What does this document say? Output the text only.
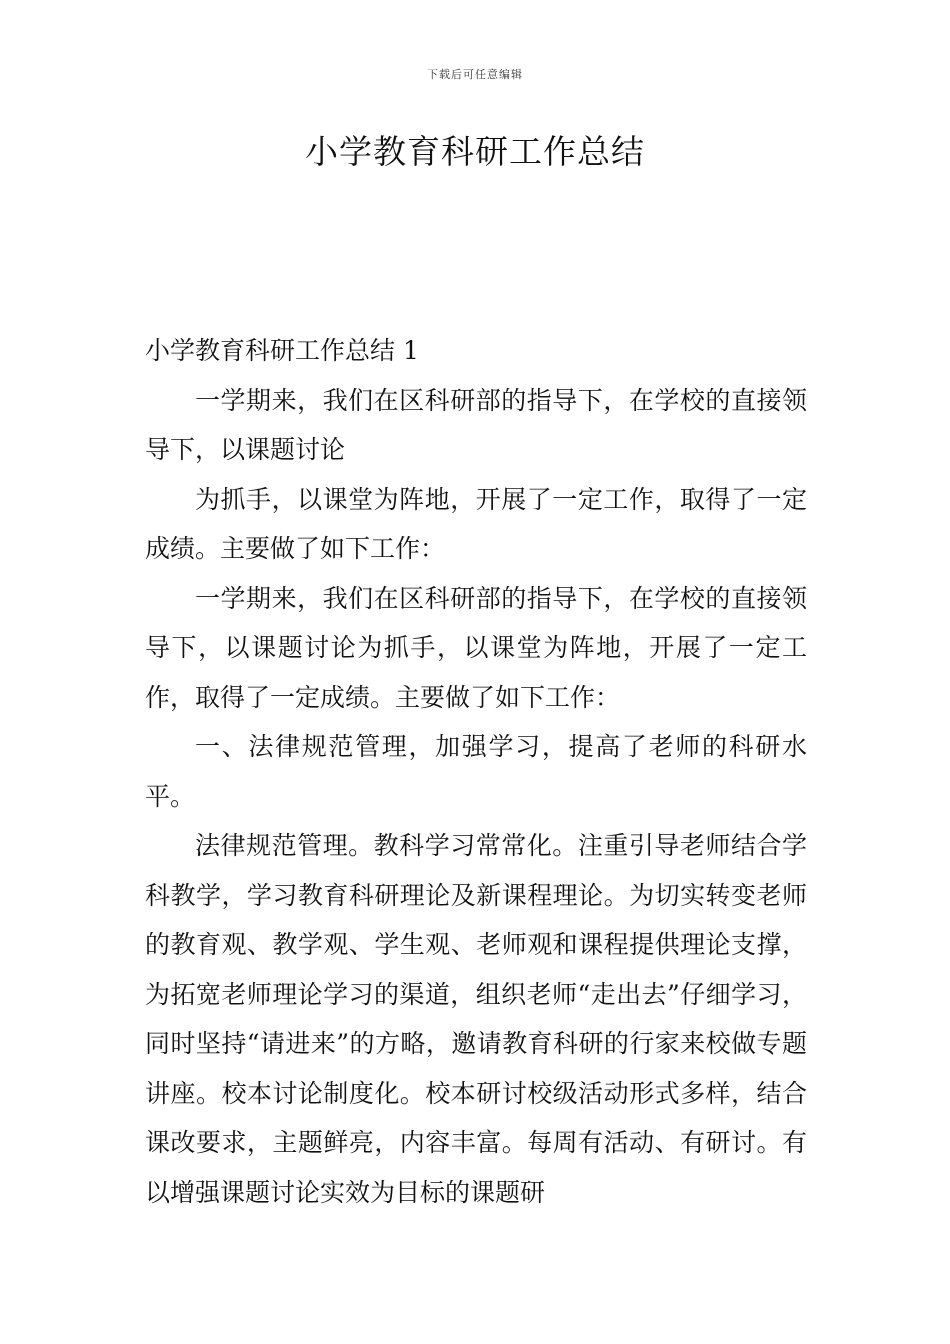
下载后可任意编辑
小学教育科研工作总结

小学教育科研工作总结 1

一学期来，我们在区科研部的指导下，在学校的直接领导下，以课题讨论

为抓手，以课堂为阵地，开展了一定工作，取得了一定成绩。主要做了如下工作：

一学期来，我们在区科研部的指导下，在学校的直接领导下，以课题讨论为抓手，以课堂为阵地，开展了一定工作，取得了一定成绩。主要做了如下工作：

一、法律规范管理，加强学习，提高了老师的科研水平。

法律规范管理。教科学习常常化。注重引导老师结合学科教学，学习教育科研理论及新课程理论。为切实转变老师的教育观、教学观、学生观、老师观和课程提供理论支撑，为拓宽老师理论学习的渠道，组织老师“走出去”仔细学习，同时坚持“请进来”的方略，邀请教育科研的行家来校做专题讲座。校本讨论制度化。校本研讨校级活动形式多样，结合课改要求，主题鲜亮，内容丰富。每周有活动、有研讨。有以增强课题讨论实效为目标的课题研
